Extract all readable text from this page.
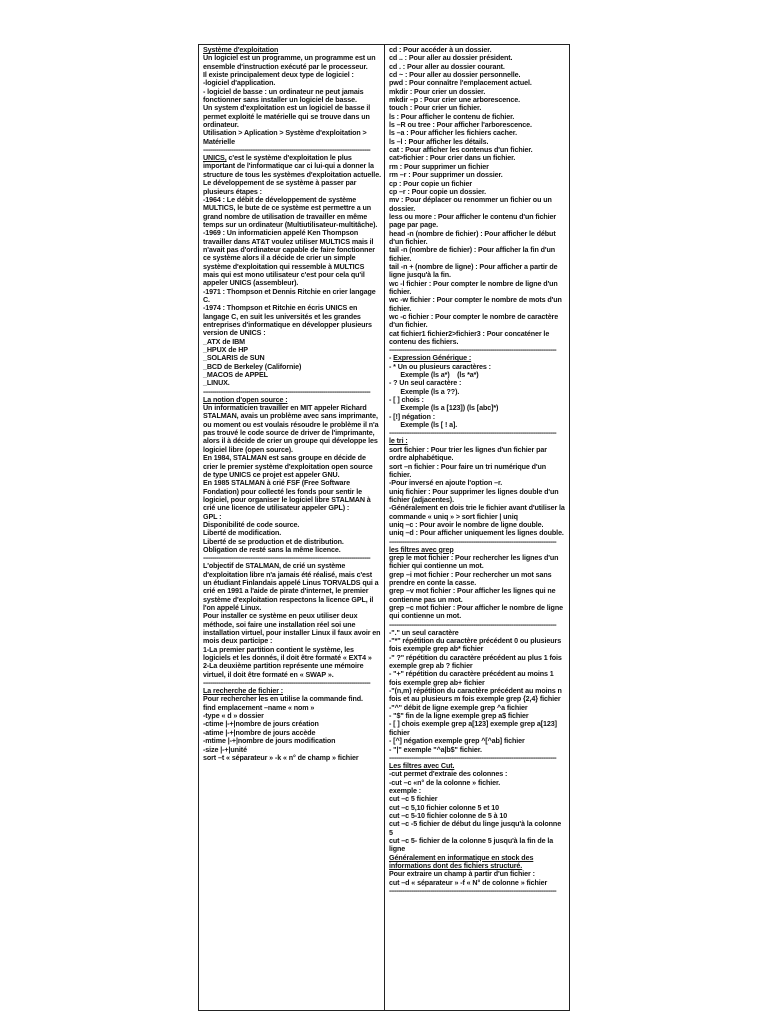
Système d'exploitation
Un logiciel est un programme, un programme est un ensemble d'instruction exécuté par le processeur.
Il existe principalement deux type de logiciel :
-logiciel d'application.
- logiciel de basse : un ordinateur ne peut jamais fonctionner sans installer un logiciel de basse.
Un system d'exploitation est un logiciel de basse il permet exploité le matérielle qui se trouve dans un ordinateur.
Utilisation > Aplication > Système d'exploitation > Matérielle
-----------------------------------------------------------------------------------------
UNICS, c'est le système d'exploitation le plus important de l'informatique car ci lui-qui a donner la structure de tous les systèmes d'exploitation actuelle. Le développement de se système à passer par plusieurs étapes :
-1964 : Le débit de développement de système MULTICS, le bute de ce système est permettre a un grand nombre de utilisation de travailler en même temps sur un ordinateur (Multiutilisateur-multitâche).
-1969 : Un informaticien appelé Ken Thompson travailler dans AT&T voulez utiliser MULTICS mais il n'avait pas d'ordinateur capable de faire fonctionner ce système alors il a décide de crier un simple système d'exploitation qui ressemble à MULTICS mais qui est mono utilisateur c'est pour cela qu'il appeler UNICS (assembleur).
-1971 : Thompson et Dennis Ritchie en crier langage C.
-1974 : Thompson et Ritchie en écris UNICS en langage C, en suit les universités et les grandes entreprises d'informatique en développer plusieurs version de UNICS :
_ATX de IBM
_HPUX de HP
_SOLARIS de SUN
_BCD de Berkeley (Californie)
_MACOS de APPEL
_LINUX.
-----------------------------------------------------------------------------------------
La notion d'open source :
Un informaticien travailler en MIT appeler Richard STALMAN, avais un problème avec sans imprimante, ou moment ou est voulais résoudre le problème il n'a pas trouvé le code source de driver de l'imprimante, alors il à décide de crier un groupe qui développe les logiciel libre (open source).
En 1984, STALMAN est sans groupe en décide de crier le premier système d'exploitation open source de type UNICS ce projet est appeler GNU.
En 1985 STALMAN à crié FSF (Free Software Fondation) pour collecté les fonds pour sentir le logiciel, pour organiser le logiciel libre STALMAN à crié une licence de utilisateur appeler GPL) :
GPL :
Disponibilité de code source.
Liberté de modification.
Liberté de se production et de distribution.
Obligation de resté sans la même licence.
-----------------------------------------------------------------------------------------
L'objectif de STALMAN, de crié un système d'exploitation libre n'a jamais été réalisé, mais c'est un étudiant Finlandais appelé Linus TORVALDS qui a crié en 1991 a l'aide de pirate d'internet, le premier système d'exploitation respectons la licence GPL, il l'on appelé Linux.
Pour installer ce système en peux utiliser deux méthode, soi faire une installation réel soi une installation virtuel, pour installer Linux il faux avoir en mois deux participe :
1-La premier partition contient le système, les logiciels et les donnés, il doit être formaté « EXT4 »
2-La deuxième partition représente une mémoire virtuel, il doit être formaté en « SWAP ».
-----------------------------------------------------------------------------------------
La recherche de fichier :
Pour rechercher les en utilise la commande find.
find emplacement –name « nom »
-type « d » dossier
-ctime |-+|nombre de jours création
-atime |-+|nombre de jours accède
-mtime |-+|nombre de jours modification
-size |-+|unité
sort –t « séparateur » -k « n° de champ » fichier
cd : Pour accéder à un dossier.
cd .. : Pour aller au dossier président.
cd . : Pour aller au dossier courant.
cd ~ : Pour aller au dossier personnelle.
pwd : Pour connaître l'emplacement actuel.
mkdir : Pour crier un dossier.
mkdir –p : Pour crier une arborescence.
touch : Pour crier un fichier.
ls : Pour afficher le contenu de fichier.
ls –R ou tree : Pour afficher l'arborescence.
ls –a : Pour afficher les fichiers cacher.
ls –l : Pour afficher les détails.
cat : Pour afficher les contenus d'un fichier.
cat>fichier : Pour crier dans un fichier.
rm : Pour supprimer un fichier
rm –r : Pour supprimer un dossier.
cp : Pour copie un fichier
cp –r : Pour copie un dossier.
mv : Pour déplacer ou renommer un fichier ou un dossier.
less ou more : Pour afficher le contenu d'un fichier page par page.
head -n (nombre de fichier) : Pour afficher le début d'un fichier.
tail -n (nombre de fichier) : Pour afficher la fin d'un fichier.
tail -n + (nombre de ligne) : Pour afficher a partir de ligne jusqu'à la fin.
wc -l fichier : Pour compter le nombre de ligne d'un fichier.
wc -w fichier : Pour compter le nombre de mots d'un fichier.
wc -c fichier : Pour compter le nombre de caractère d'un fichier.
cat fichier1 fichier2>fichier3 : Pour concaténer le contenu des fichiers.
-----------------------------------------------------------------------------------------
- Expression Générique :
- * Un ou plusieurs caractères :
Exemple (ls a*)    (ls *a*)
- ? Un seul caractère :
Exemple (ls a ??).
- [ ] chois :
Exemple (ls a [123]) (ls [abc]*)
- [!] négation :
Exemple (ls [ ! a].
-----------------------------------------------------------------------------------------
le tri :
sort fichier : Pour trier les lignes d'un fichier par ordre alphabétique.
sort –n fichier : Pour faire un tri numérique d'un fichier.
-Pour inversé en ajoute l'option –r.
uniq fichier : Pour supprimer les lignes double d'un fichier (adjacentes).
-Généralement en dois trie le fichier avant d'utiliser la commande « uniq » > sort fichier | uniq
uniq –c : Pour avoir le nombre de ligne double.
uniq –d : Pour afficher uniquement les lignes double.
-----------------------------------------------------------------------------------------
les filtres avec grep
grep le mot fichier : Pour rechercher les lignes d'un fichier qui contienne un mot.
grep –i mot fichier : Pour rechercher un mot sans prendre en conte la casse.
grep –v mot fichier : Pour afficher les lignes qui ne contienne pas un mot.
grep –c mot fichier : Pour afficher le nombre de ligne qui contienne un mot.
-----------------------------------------------------------------------------------------
-"." un seul caractère
-"*" répétition du caractère précédent 0 ou plusieurs fois exemple grep ab* fichier
-" ?" répétition du caractère précédent au plus 1 fois exemple grep ab ? fichier
- "+" répétition du caractère précédent au moins 1 fois exemple grep ab+ fichier
-"(n,m) répétition du caractère précédent au moins n fois et au plusieurs m fois exemple grep {2,4} fichier
-"^" débit de ligne exemple grep ^a fichier
- "$" fin de la ligne exemple grep a$ fichier
- [ ] chois exemple grep a[123] exemple grep a[123] fichier
- [^] négation exemple grep ^[^ab] fichier
- "|" exemple "^a|b$" fichier.
-----------------------------------------------------------------------------------------
Les filtres avec Cut.
-cut permet d'extraie des colonnes :
-cut –c «n° de la colonne » fichier.
exemple :
cut –c 5 fichier
cut –c 5,10 fichier colonne 5 et 10
cut –c 5-10 fichier colonne de 5 à 10
cut –c -5 fichier de début du linge jusqu'à la colonne 5
cut –c 5- fichier de la colonne 5 jusqu'à la fin de la ligne
Généralement en informatique en stock des informations dont des fichiers structuré.
Pour extraire un champ à partir d'un fichier :
cut –d « séparateur » -f « N° de colonne » fichier
-----------------------------------------------------------------------------------------
